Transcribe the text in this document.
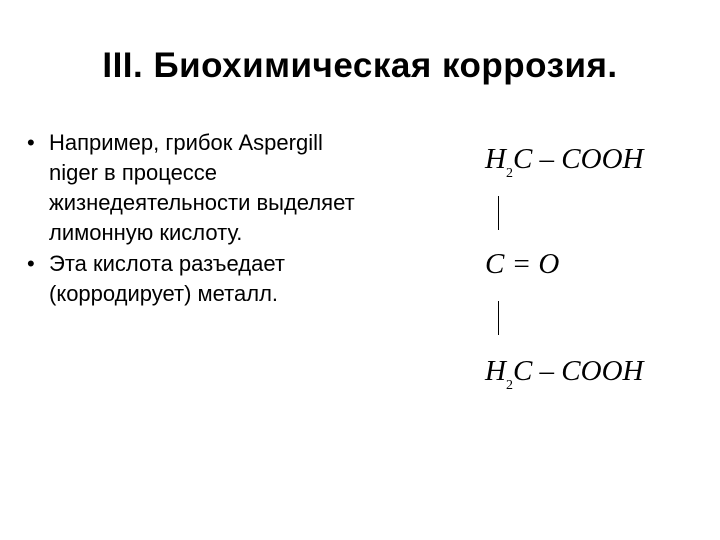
III. Биохимическая коррозия.
• Например, грибок Aspergill
niger в процессе
жизнедеятельности выделяет
лимонную кислоту.
• Эта кислота разъедает
(корродирует) металл.
$H_2C$ – COOH
C = O
$H_2C$ – COOH
